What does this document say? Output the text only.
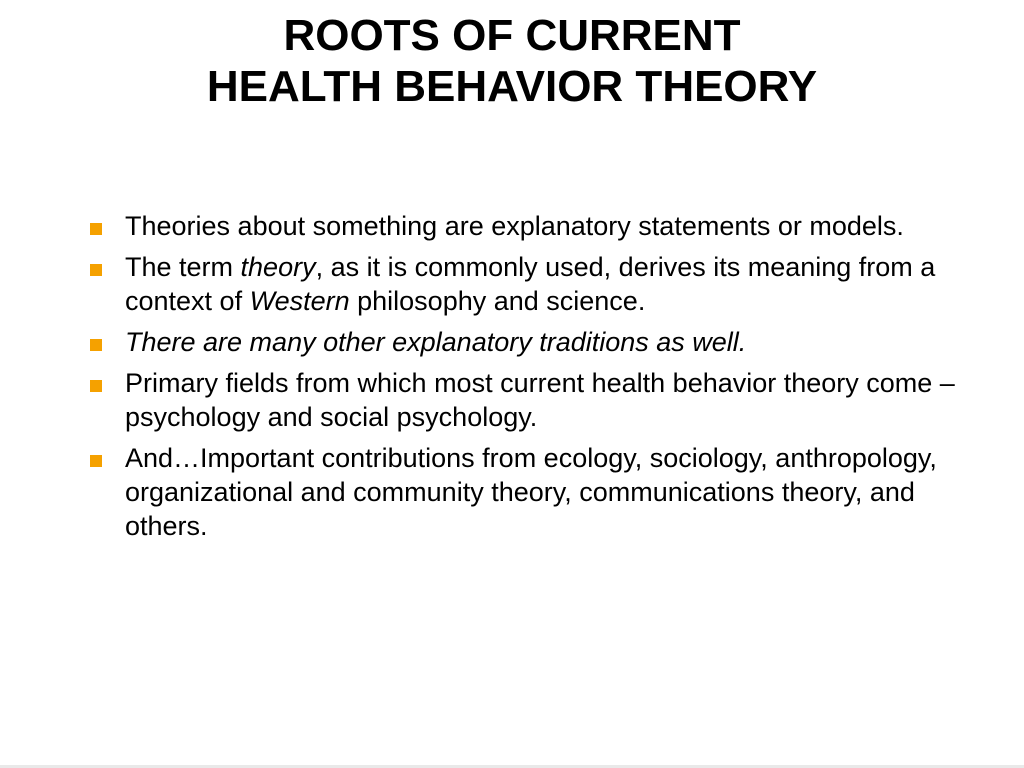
ROOTS OF CURRENT
HEALTH BEHAVIOR THEORY
Theories about something are explanatory statements or models.
The term theory, as it is commonly used, derives its meaning from a context of Western philosophy and science.
There are many other explanatory traditions as well.
Primary fields from which most current health behavior theory come – psychology and social psychology.
And…Important contributions from ecology, sociology, anthropology, organizational and community theory, communications theory, and others.
